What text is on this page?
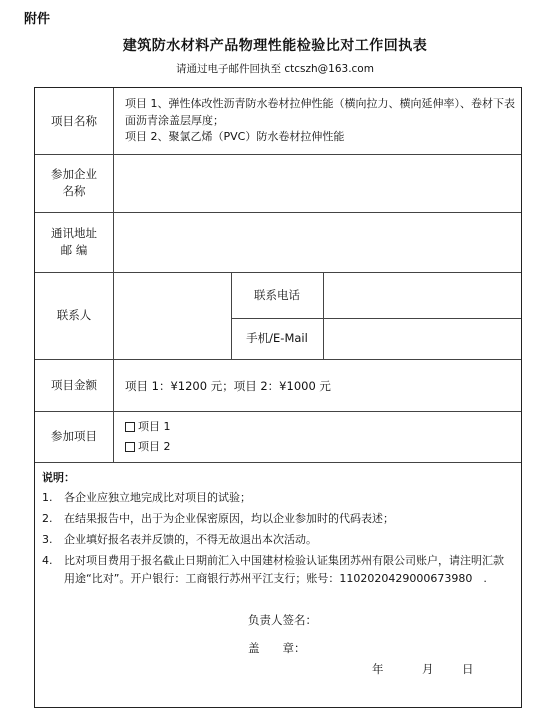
附件
建筑防水材料产品物理性能检验比对工作回执表
请通过电子邮件回执至 ctcszh@163.com
项目名称
项目 1、弹性体改性沥青防水卷材拉伸性能（横向拉力、横向延伸率）、卷材下表面沥青涂盖层厚度；
项目 2、聚氯乙烯（PVC）防水卷材拉伸性能
参加企业
名称
通讯地址
邮 编
联系人
联系电话
手机/E-Mail
项目金额 项目 1：¥1200 元；项目 2：¥1000 元
参加项目
项目 1
项目 2
说明：
1. 各企业应独立地完成比对项目的试验；
2. 在结果报告中，出于为企业保密原因，均以企业参加时的代码表述；
3. 企业填好报名表并反馈的，不得无故退出本次活动。
4.	比对项目费用于报名截止日期前汇入中国建材检验认证集团苏州有限公司账户，请注明汇款用途“比对”。开户银行：工商银行苏州平江支行；账号：1102020429000673980　.
负责人签名：
盖　　章：
年	月 日
